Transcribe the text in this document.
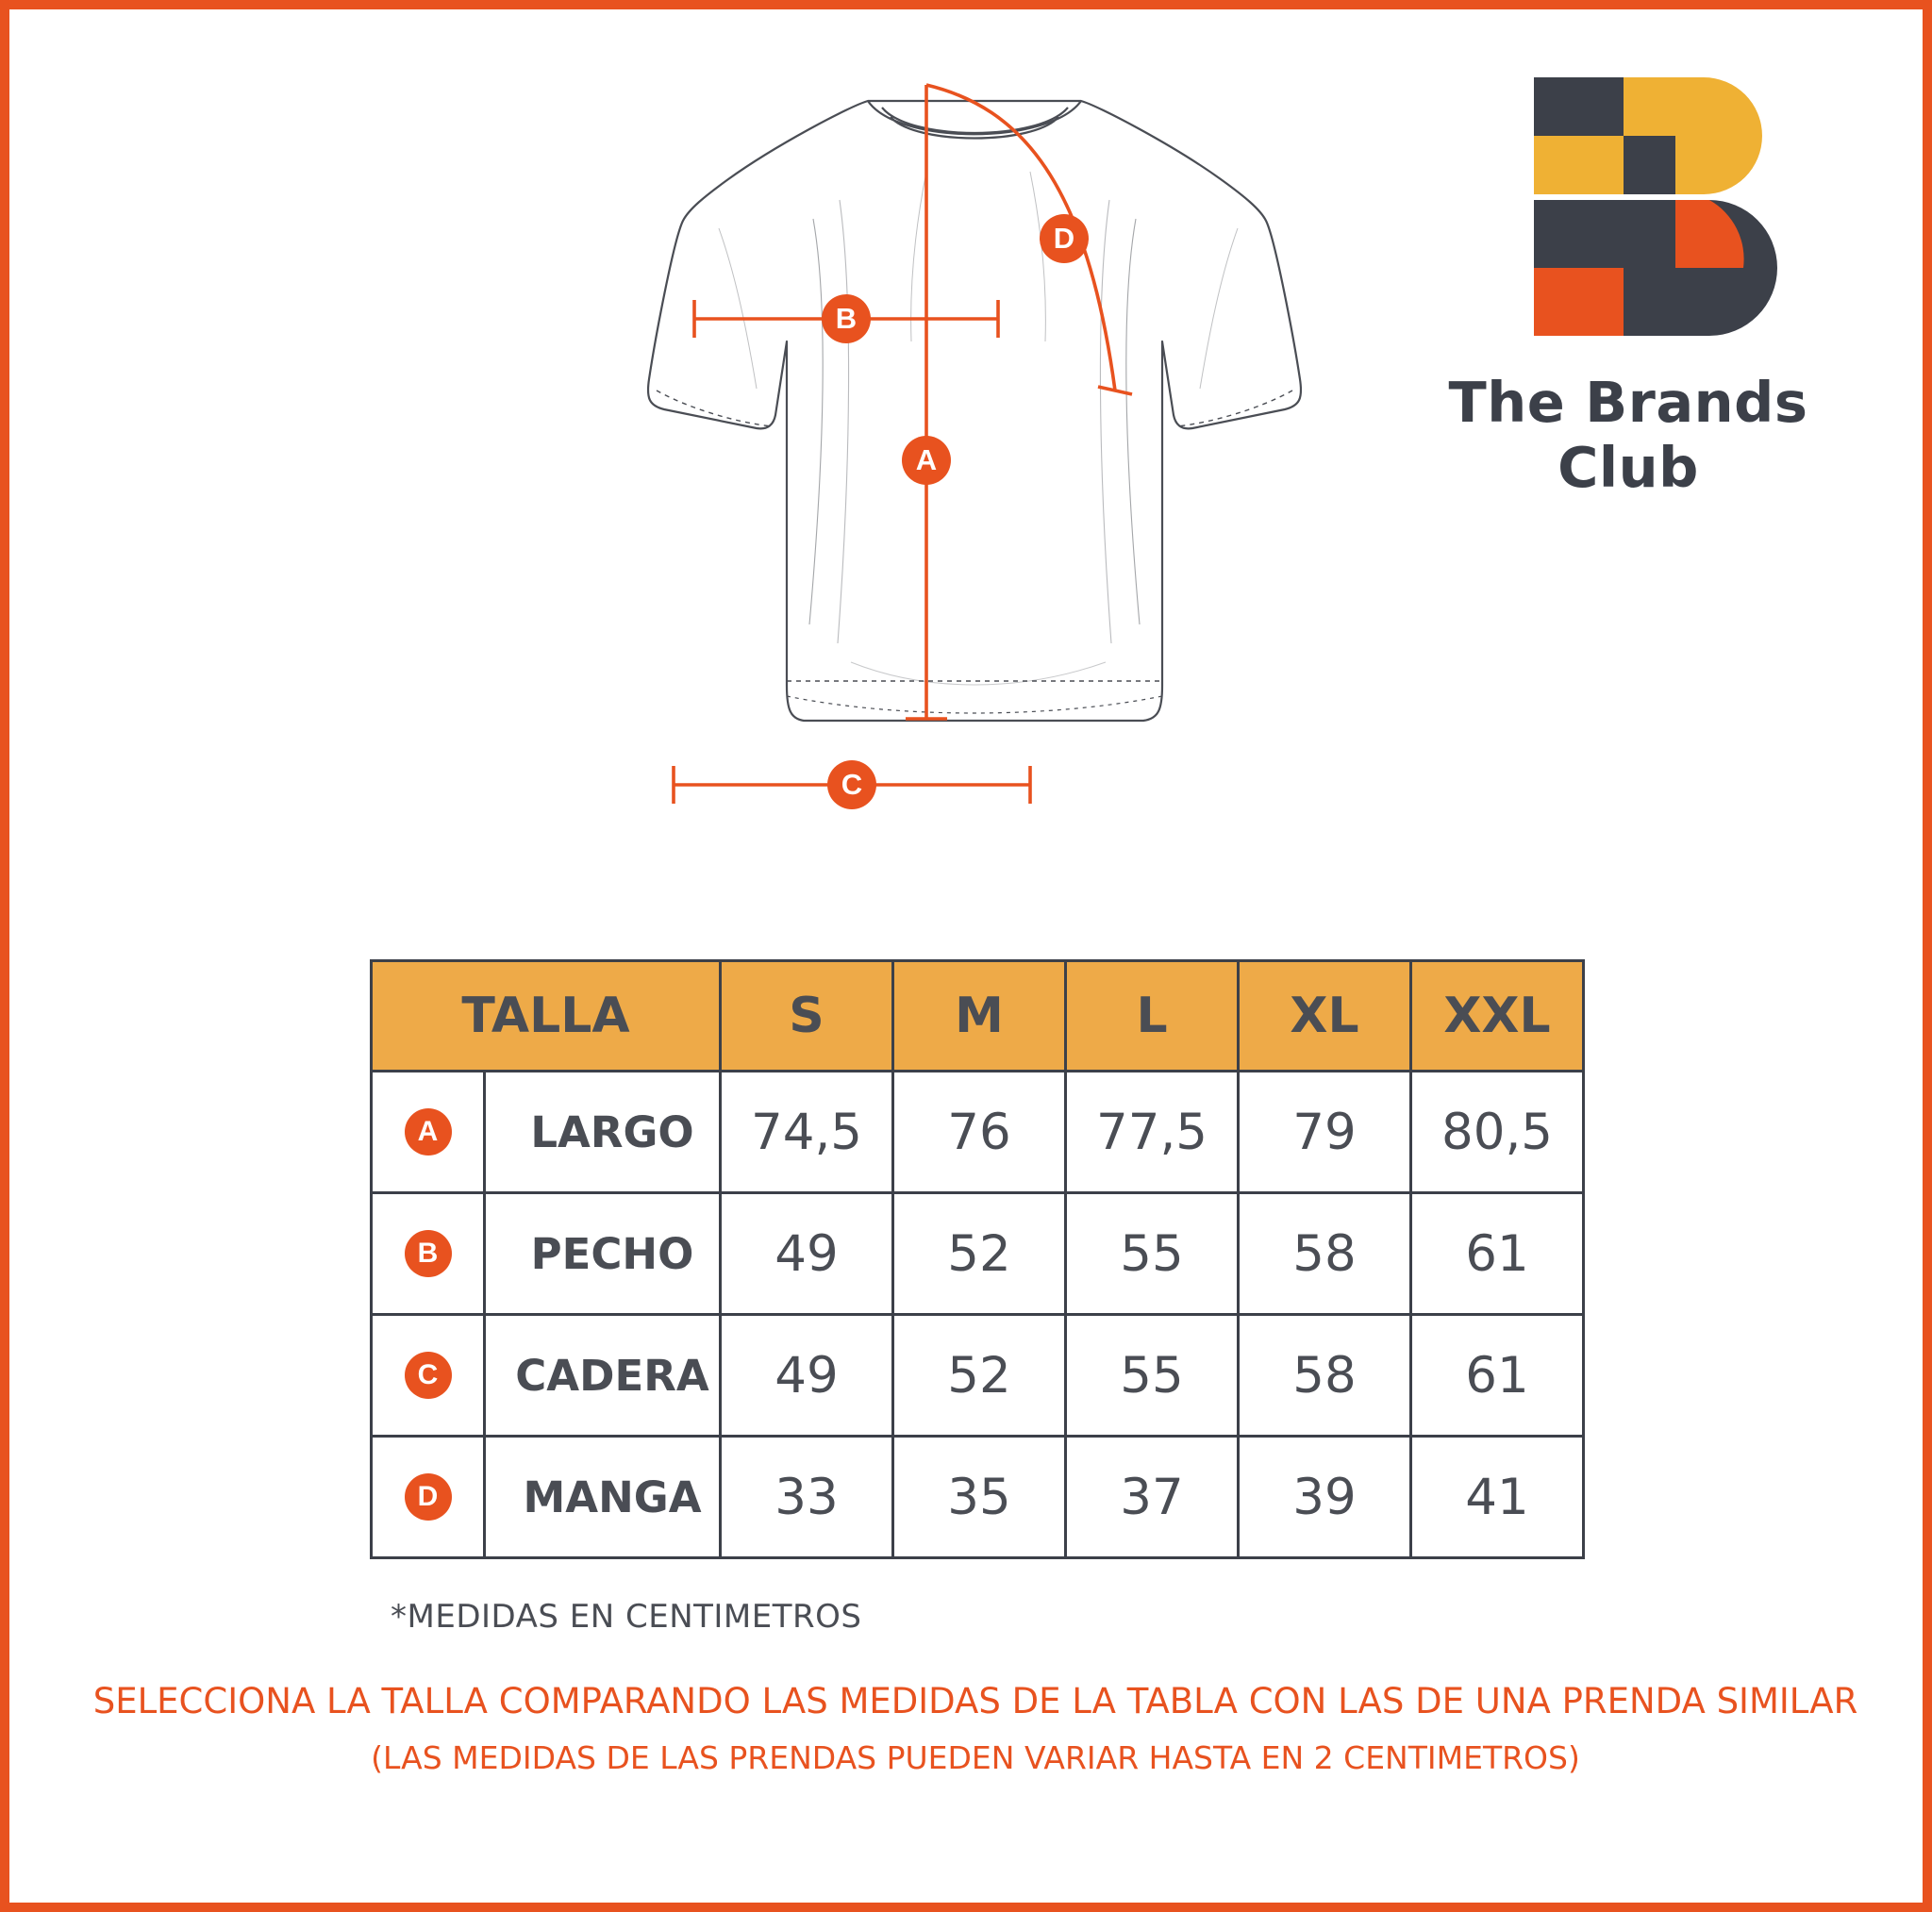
The Brands Club
A
B
C
D
TALLA		S	M	L	XL	XXL
A	LARGO	74,5	76	77,5	79	80,5
B	PECHO	49	52	55	58	61
C	CADERA	49	52	55	58	61
D	MANGA	33	35	37	39	41
*MEDIDAS EN CENTIMETROS
SELECCIONA LA TALLA COMPARANDO LAS MEDIDAS DE LA TABLA CON LAS DE UNA PRENDA SIMILAR
(LAS MEDIDAS DE LAS PRENDAS PUEDEN VARIAR HASTA EN 2 CENTIMETROS)
